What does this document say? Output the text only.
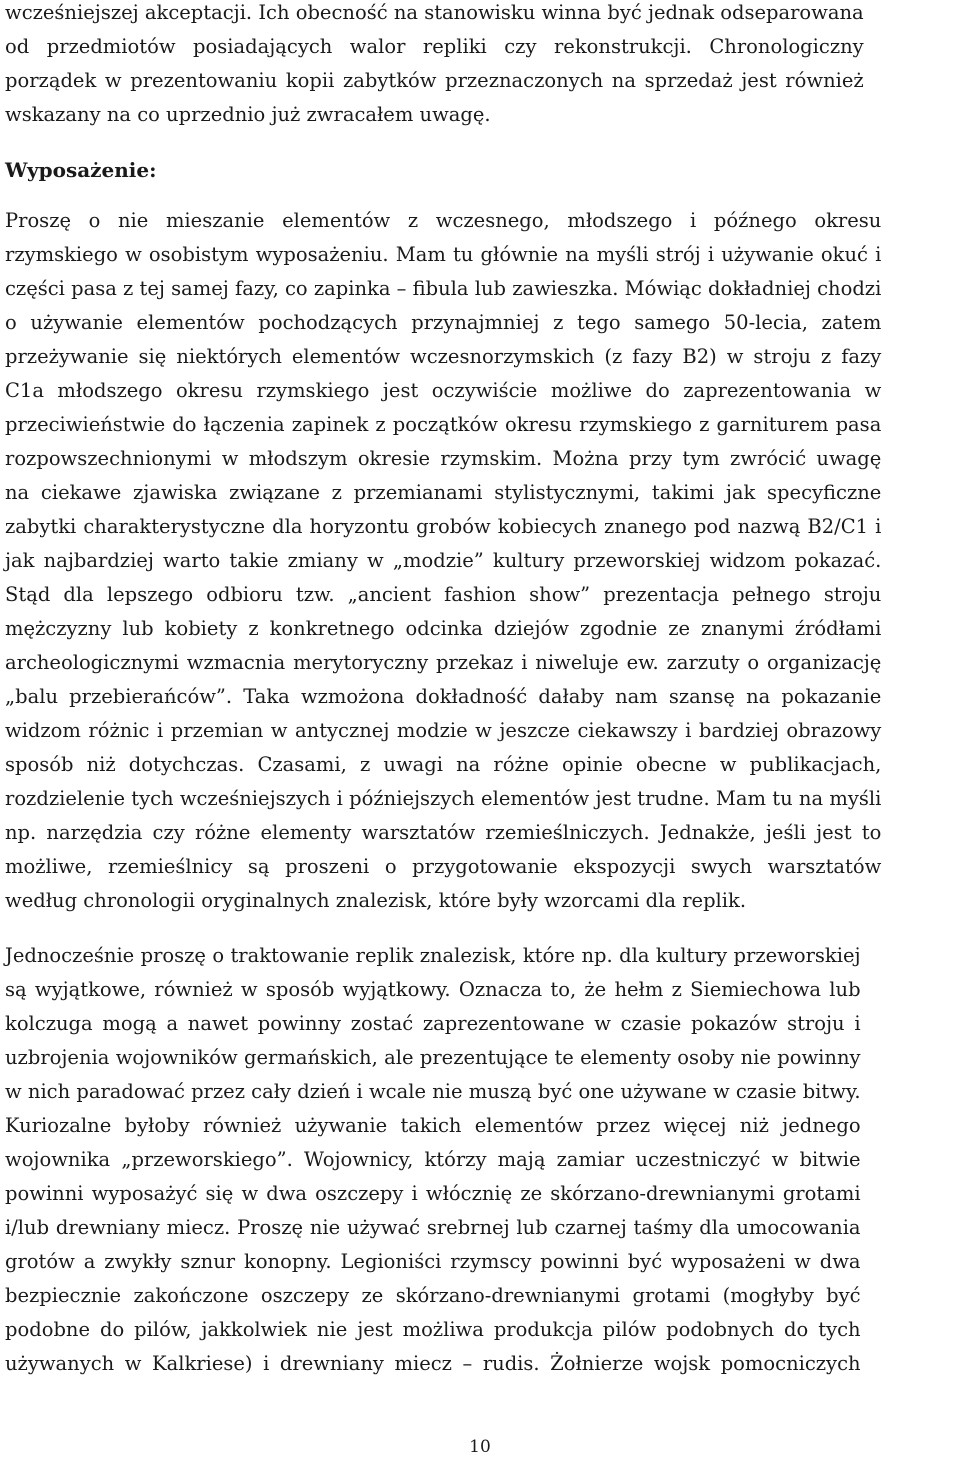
wcześniejszej akceptacji. Ich obecność na stanowisku winna być jednak odseparowana
od przedmiotów posiadających walor repliki czy rekonstrukcji. Chronologiczny
porządek w prezentowaniu kopii zabytków przeznaczonych na sprzedaż jest również
wskazany na co uprzednio już zwracałem uwagę.
Wyposażenie:
Proszę o nie mieszanie elementów z wczesnego, młodszego i późnego okresu
rzymskiego w osobistym wyposażeniu. Mam tu głównie na myśli strój i używanie okuć i
części pasa z tej samej fazy, co zapinka – fibula lub zawieszka. Mówiąc dokładniej chodzi
o używanie elementów pochodzących przynajmniej z tego samego 50-lecia, zatem
przeżywanie się niektórych elementów wczesnorzymskich (z fazy B2) w stroju z fazy
C1a młodszego okresu rzymskiego jest oczywiście możliwe do zaprezentowania w
przeciwieństwie do łączenia zapinek z początków okresu rzymskiego z garniturem pasa
rozpowszechnionymi w młodszym okresie rzymskim. Można przy tym zwrócić uwagę
na ciekawe zjawiska związane z przemianami stylistycznymi, takimi jak specyficzne
zabytki charakterystyczne dla horyzontu grobów kobiecych znanego pod nazwą B2/C1 i
jak najbardziej warto takie zmiany w „modzie” kultury przeworskiej widzom pokazać.
Stąd dla lepszego odbioru tzw. „ancient fashion show” prezentacja pełnego stroju
mężczyzny lub kobiety z konkretnego odcinka dziejów zgodnie ze znanymi źródłami
archeologicznymi wzmacnia merytoryczny przekaz i niweluje ew. zarzuty o organizację
„balu przebierańców”. Taka wzmożona dokładność dałaby nam szansę na pokazanie
widzom różnic i przemian w antycznej modzie w jeszcze ciekawszy i bardziej obrazowy
sposób niż dotychczas. Czasami, z uwagi na różne opinie obecne w publikacjach,
rozdzielenie tych wcześniejszych i późniejszych elementów jest trudne. Mam tu na myśli
np. narzędzia czy różne elementy warsztatów rzemieślniczych. Jednakże, jeśli jest to
możliwe, rzemieślnicy są proszeni o przygotowanie ekspozycji swych warsztatów
według chronologii oryginalnych znalezisk, które były wzorcami dla replik.
Jednocześnie proszę o traktowanie replik znalezisk, które np. dla kultury przeworskiej
są wyjątkowe, również w sposób wyjątkowy. Oznacza to, że hełm z Siemiechowa lub
kolczuga mogą a nawet powinny zostać zaprezentowane w czasie pokazów stroju i
uzbrojenia wojowników germańskich, ale prezentujące te elementy osoby nie powinny
w nich paradować przez cały dzień i wcale nie muszą być one używane w czasie bitwy.
Kuriozalne byłoby również używanie takich elementów przez więcej niż jednego
wojownika „przeworskiego”. Wojownicy, którzy mają zamiar uczestniczyć w bitwie
powinni wyposażyć się w dwa oszczepy i włócznię ze skórzano-drewnianymi grotami
i/lub drewniany miecz. Proszę nie używać srebrnej lub czarnej taśmy dla umocowania
grotów a zwykły sznur konopny. Legioniści rzymscy powinni być wyposażeni w dwa
bezpiecznie zakończone oszczepy ze skórzano-drewnianymi grotami (mogłyby być
podobne do pilów, jakkolwiek nie jest możliwa produkcja pilów podobnych do tych
używanych w Kalkriese) i drewniany miecz – rudis. Żołnierze wojsk pomocniczych
10
